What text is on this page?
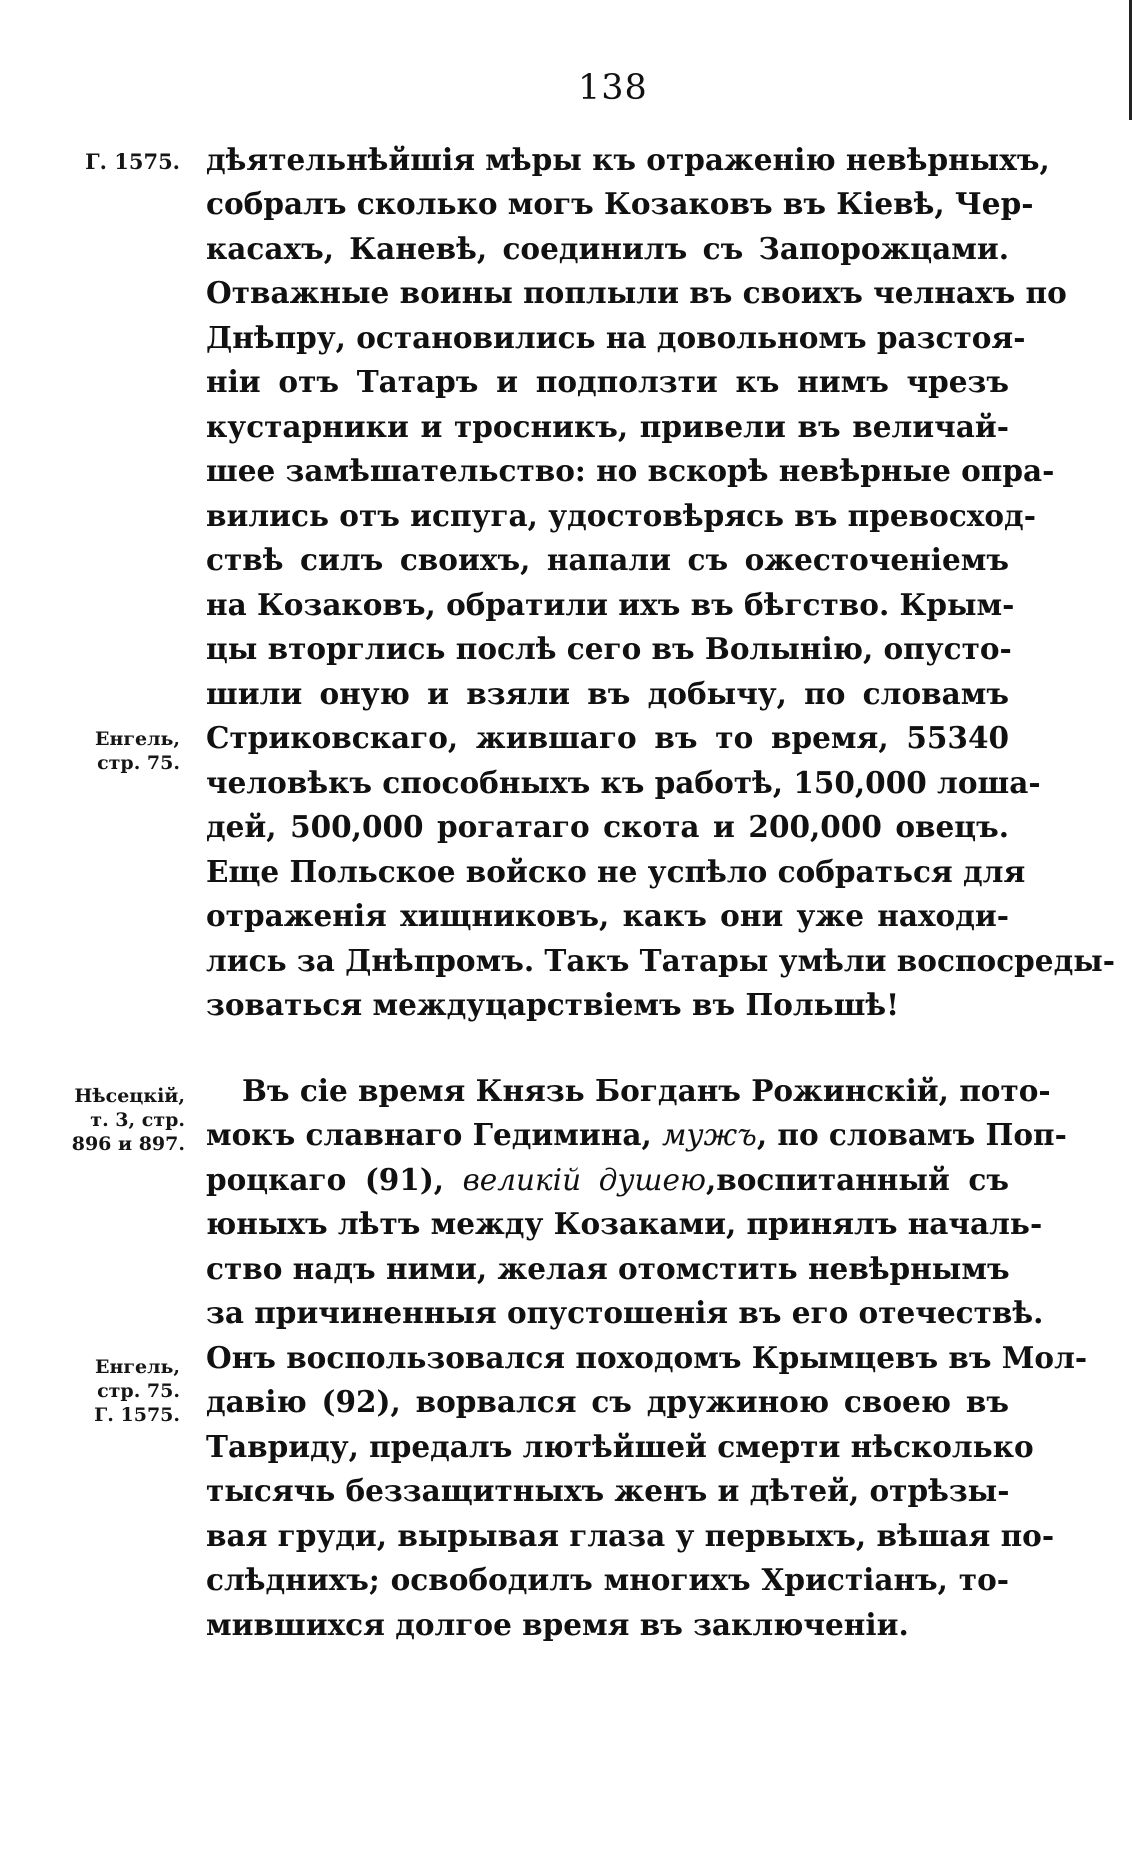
138
Г. 1575.
Енгель,
стр. 75.
Нѣсецкій,
т. 3, стр.
896 и 897.
Енгель,
стр. 75.
Г. 1575.
дѣятельнѣйшія мѣры къ отраженію невѣрныхъ,
собралъ сколько могъ Козаковъ въ Кіевѣ, Чер-
касахъ, Каневѣ, соединилъ съ Запорожцами.
Отважные воины поплыли въ своихъ челнахъ по
Днѣпру, остановились на довольномъ разстоя-
ніи отъ Татаръ и подползти къ нимъ чрезъ
кустарники и тросникъ, привели въ величай-
шее замѣшательство: но вскорѣ невѣрные опра-
вились отъ испуга, удостовѣрясь въ превосход-
ствѣ силъ своихъ, напали съ ожесточеніемъ
на Козаковъ, обратили ихъ въ бѣгство. Крым-
цы вторглись послѣ сего въ Волынію, опусто-
шили оную и взяли въ добычу, по словамъ
Стриковскаго, жившаго въ то время, 55340
человѣкъ способныхъ къ работѣ, 150,000 лоша-
дей, 500,000 рогатаго скота и 200,000 овецъ.
Еще Польское войско не успѣло собраться для
отраженія хищниковъ, какъ они уже находи-
лись за Днѣпромъ. Такъ Татары умѣли воспосреды-
зоваться междуцарствіемъ въ Польшѣ!
Въ сіе время Князь Богданъ Рожинскій, пото-
мокъ славнаго Гедимина, мужъ, по словамъ Поп-
роцкаго (91), великій душею,воспитанный съ
юныхъ лѣтъ между Козаками, принялъ началь-
ство надъ ними, желая отомстить невѣрнымъ
за причиненныя опустошенія въ его отечествѣ.
Онъ воспользовался походомъ Крымцевъ въ Мол-
давію (92), ворвался съ дружиною своею въ
Тавриду, предалъ лютѣйшей смерти нѣсколько
тысячь беззащитныхъ женъ и дѣтей, отрѣзы-
вая груди, вырывая глаза у первыхъ, вѣшая по-
слѣднихъ; освободилъ многихъ Христіанъ, то-
мившихся долгое время въ заключеніи.
